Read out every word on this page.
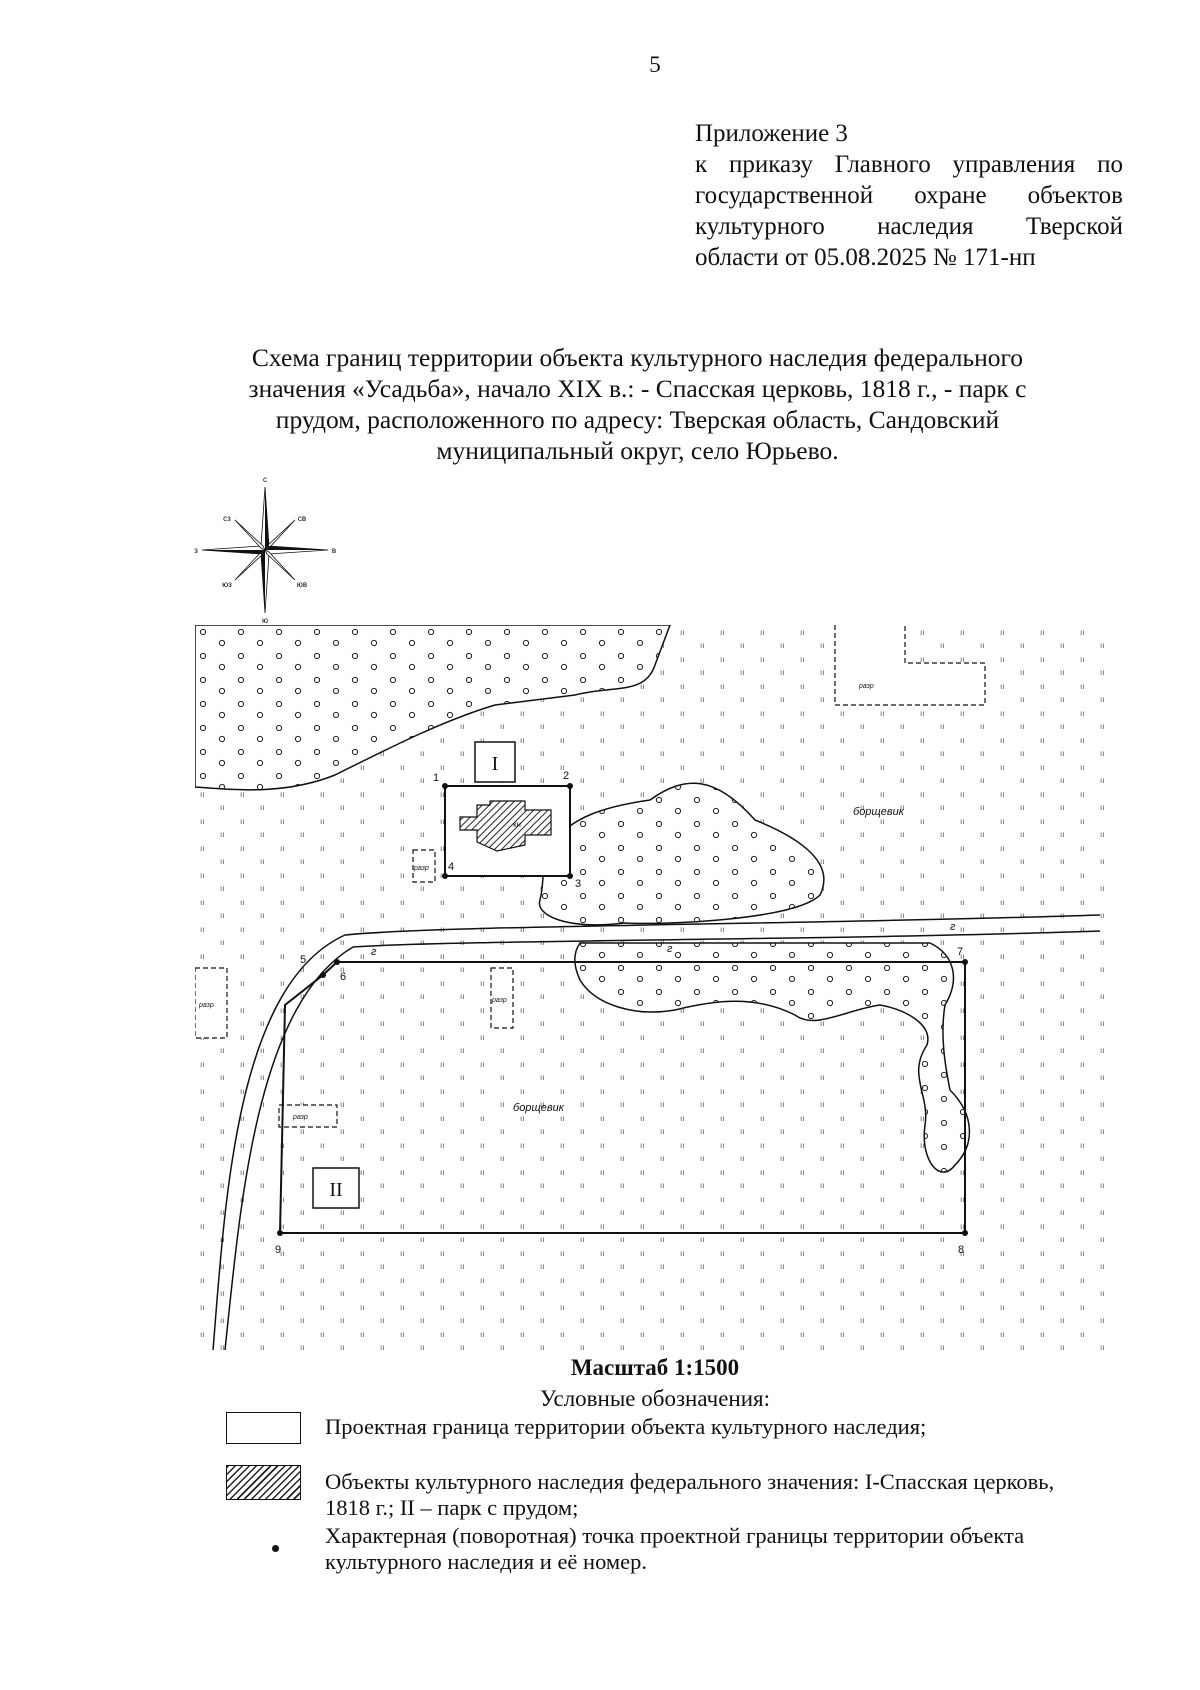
5
Приложение 3
к приказу Главного управления по
государственной охране объектов
культурного наследия Тверской
области от 05.08.2025 № 171-нп
Схема границ территории объекта культурного наследия федерального
значения «Усадьба», начало XIX в.: - Спасская церковь, 1818 г., - парк с
прудом, расположенного по адресу: Тверская область, Сандовский
муниципальный округ, село Юрьево.
с
св
в
юв
ю
юз
з
сз
разр
разр
разр
разр
разр
кн
I
II
1	2
3
4
5
6
7
8
9
борщевик
борщевик
г	г
г
Масштаб 1:1500
Условные обозначения:
Проектная граница территории объекта культурного наследия;
Объекты культурного наследия федерального значения: I-Спасская церковь,
1818 г.; II – парк с прудом;
Характерная (поворотная) точка проектной границы территории объекта
культурного наследия и её номер.
